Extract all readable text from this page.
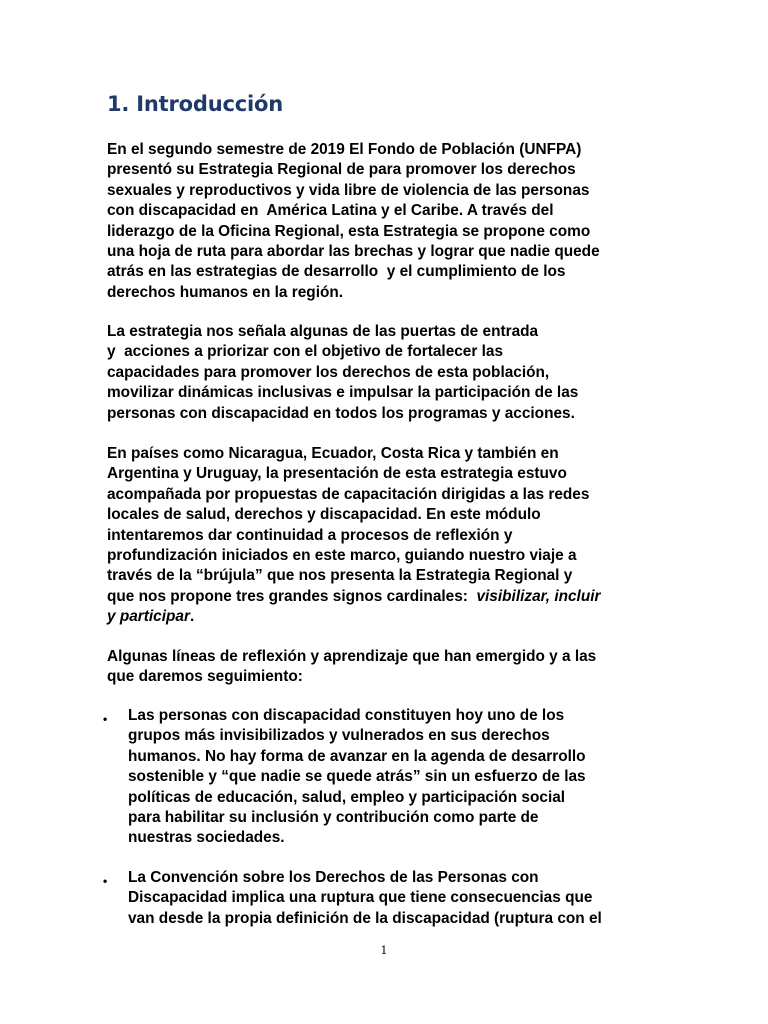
1. Introducción

En el segundo semestre de 2019 El Fondo de Población (UNFPA)
presentó su Estrategia Regional de para promover los derechos
sexuales y reproductivos y vida libre de violencia de las personas
con discapacidad en  América Latina y el Caribe. A través del
liderazgo de la Oficina Regional, esta Estrategia se propone como
una hoja de ruta para abordar las brechas y lograr que nadie quede
atrás en las estrategias de desarrollo  y el cumplimiento de los
derechos humanos en la región.

La estrategia nos señala algunas de las puertas de entrada
y  acciones a priorizar con el objetivo de fortalecer las
capacidades para promover los derechos de esta población,
movilizar dinámicas inclusivas e impulsar la participación de las
personas con discapacidad en todos los programas y acciones.

En países como Nicaragua, Ecuador, Costa Rica y también en
Argentina y Uruguay, la presentación de esta estrategia estuvo
acompañada por propuestas de capacitación dirigidas a las redes
locales de salud, derechos y discapacidad. En este módulo
intentaremos dar continuidad a procesos de reflexión y
profundización iniciados en este marco, guiando nuestro viaje a
través de la “brújula” que nos presenta la Estrategia Regional y
que nos propone tres grandes signos cardinales:  visibilizar, incluir
y participar.

Algunas líneas de reflexión y aprendizaje que han emergido y a las
que daremos seguimiento:

• Las personas con discapacidad constituyen hoy uno de los
grupos más invisibilizados y vulnerados en sus derechos
humanos. No hay forma de avanzar en la agenda de desarrollo
sostenible y “que nadie se quede atrás” sin un esfuerzo de las
políticas de educación, salud, empleo y participación social
para habilitar su inclusión y contribución como parte de
nuestras sociedades.

• La Convención sobre los Derechos de las Personas con
Discapacidad implica una ruptura que tiene consecuencias que
van desde la propia definición de la discapacidad (ruptura con el

1
